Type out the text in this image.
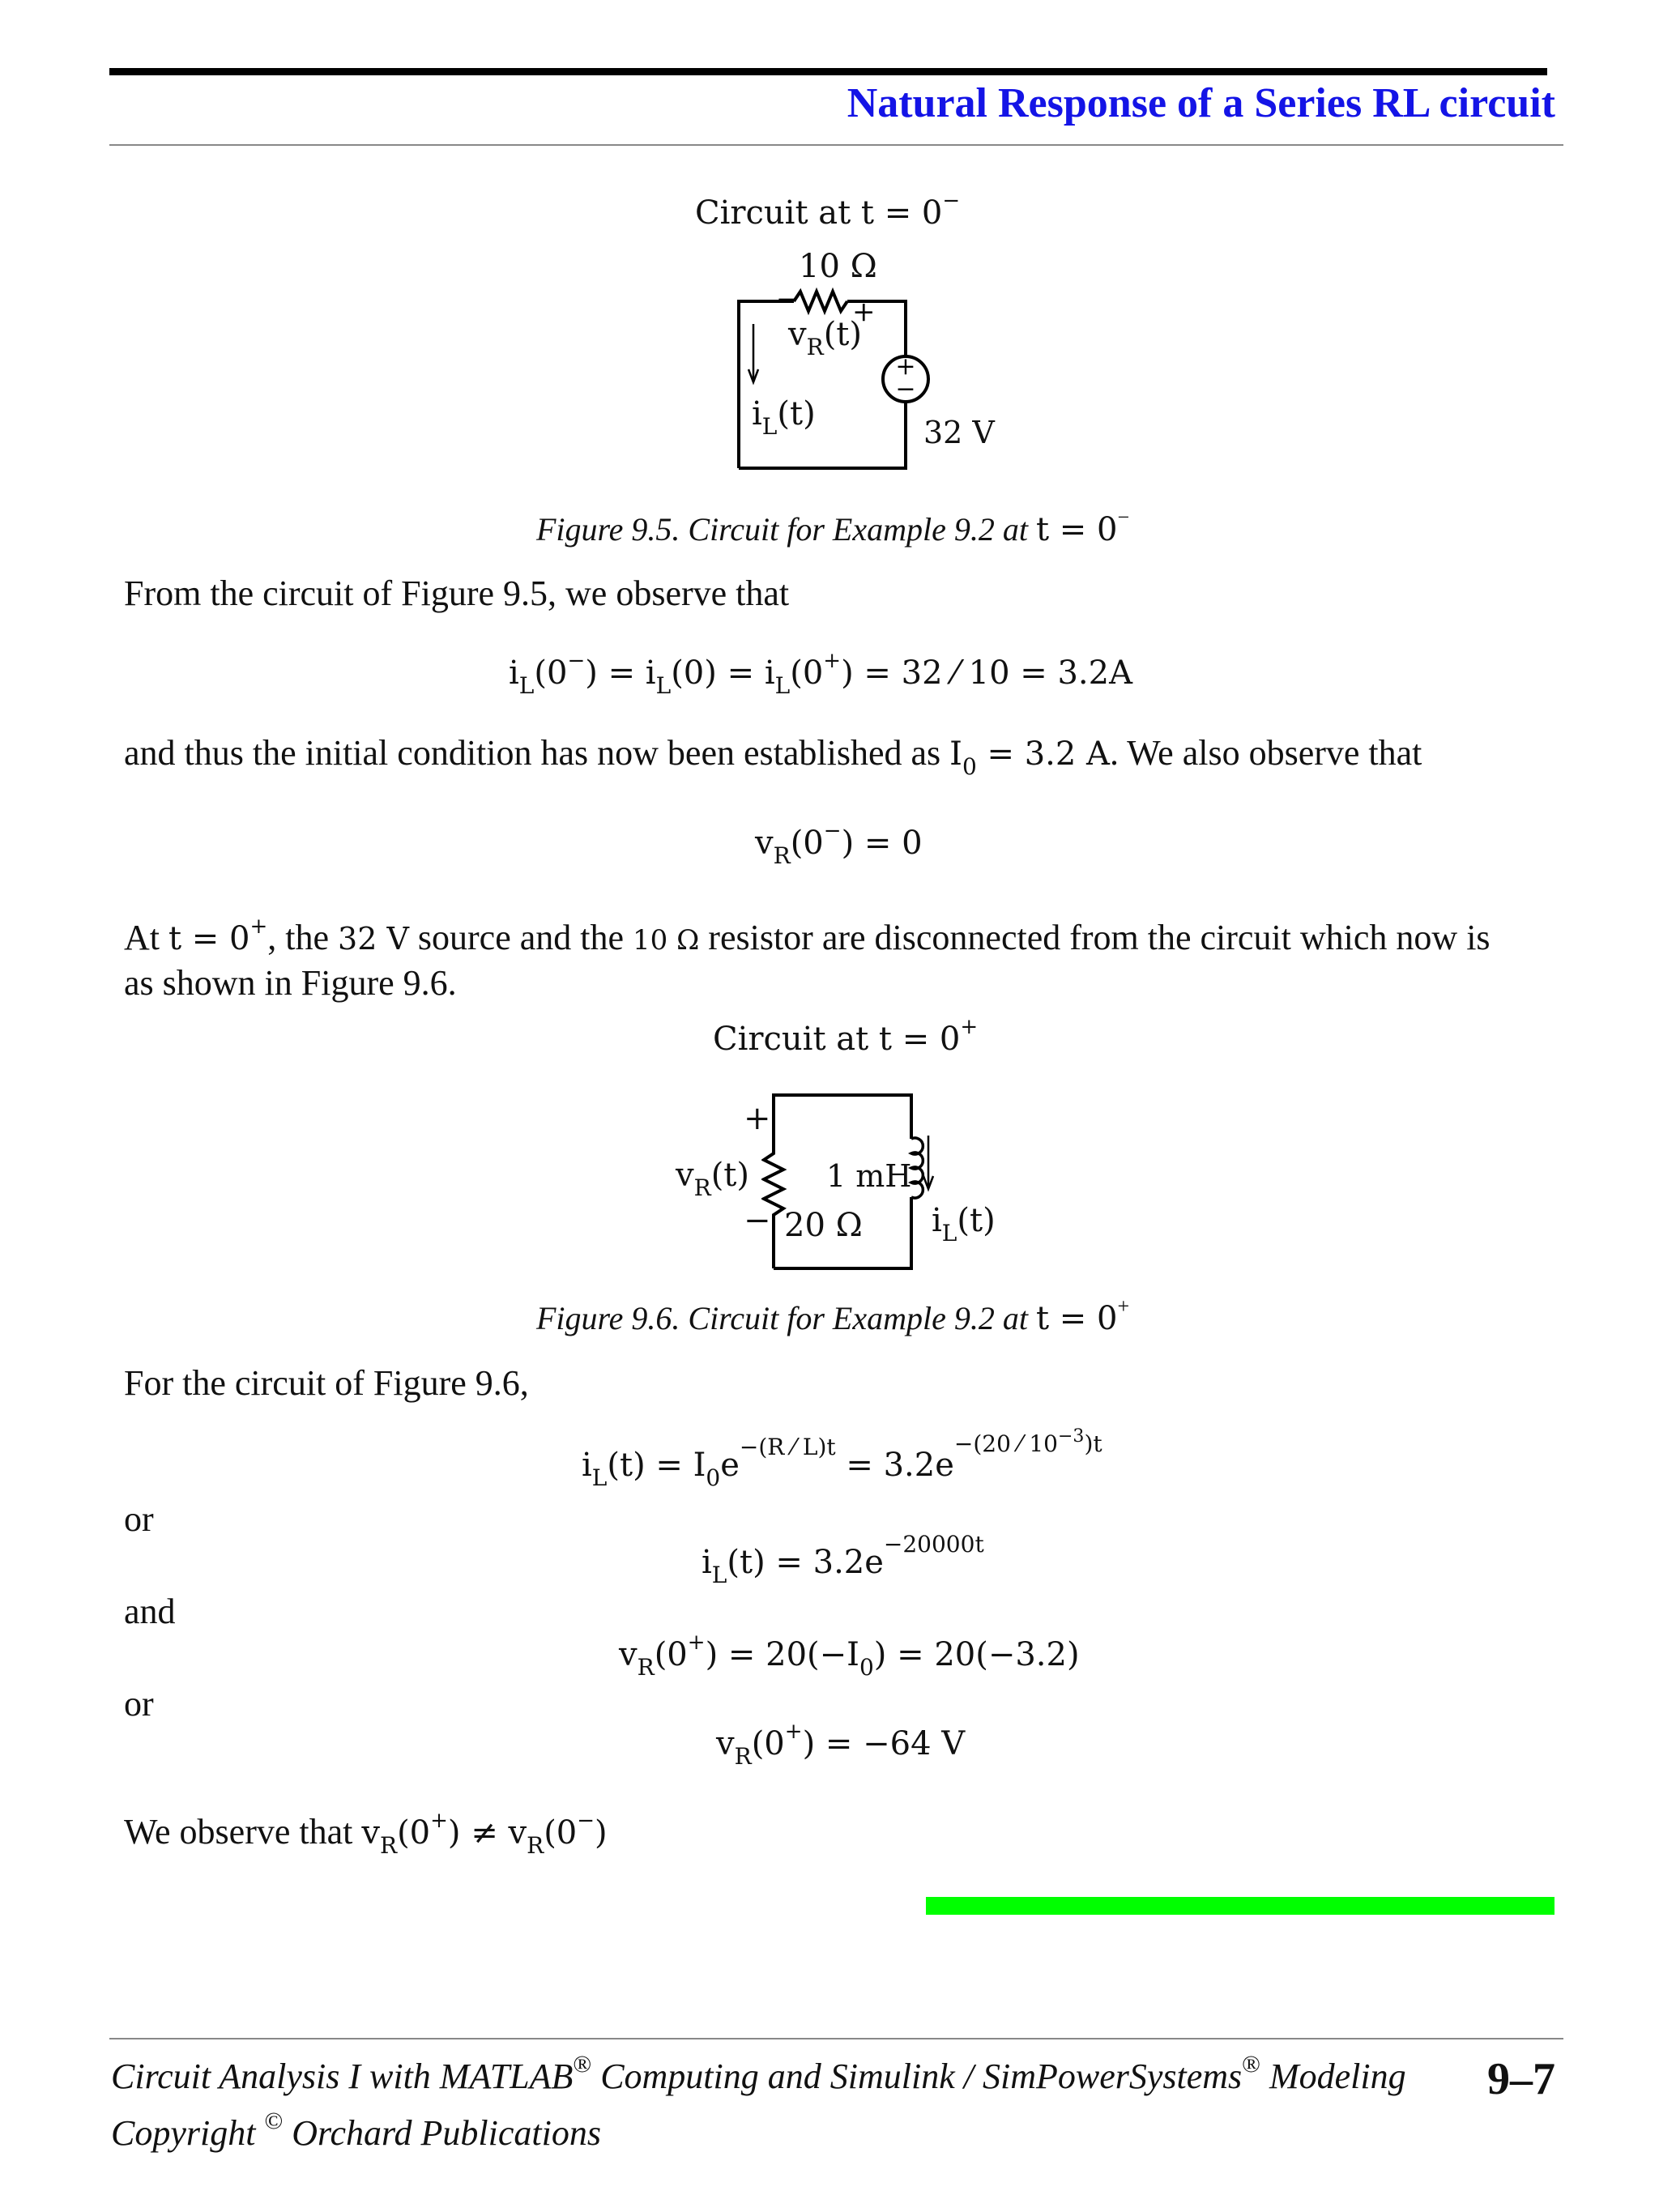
Natural Response of a Series RL circuit
Circuit at t = 0−
+
−
− +
10 Ω
$v_R(t)$
$i_L(t)$	32 V
Figure 9.5. Circuit for Example 9.2 at t = 0−
From the circuit of Figure 9.5, we observe that
$i_L(0^-) = i_L(0) = i_L(0^+) = 32$ ⁄ 10 = 3.2A
and thus the initial condition has now been established as $I_0 = 3.2$ A. We also observe that
$v_R(0^-) = 0$
At t = 0+, the 32 V source and the 10 Ω resistor are disconnected from the circuit which now is
as shown in Figure 9.6.
Circuit at t = 0+
+
−
$v_R(t)$	1 mH
20 Ω $i_L(t)$
Figure 9.6. Circuit for Example 9.2 at t = 0+
For the circuit of Figure 9.6,
$i_L(t) = I_0e^{-(R ⁄ L)t} = 3.2e^{-(20 ⁄ 10^{-3})t}$
or
$i_L(t) = 3.2e^{-20000t}$
and
$v_R(0^+) = 20(-I_0) = 20(-3.2)$
or
$v_R(0^+) = -64$ V
We observe that $v_R(0^+) \ne v_R(0^-)$
Circuit Analysis I with MATLAB® Computing and Simulink / SimPowerSystems® Modeling
Copyright © Orchard Publications
9–7
